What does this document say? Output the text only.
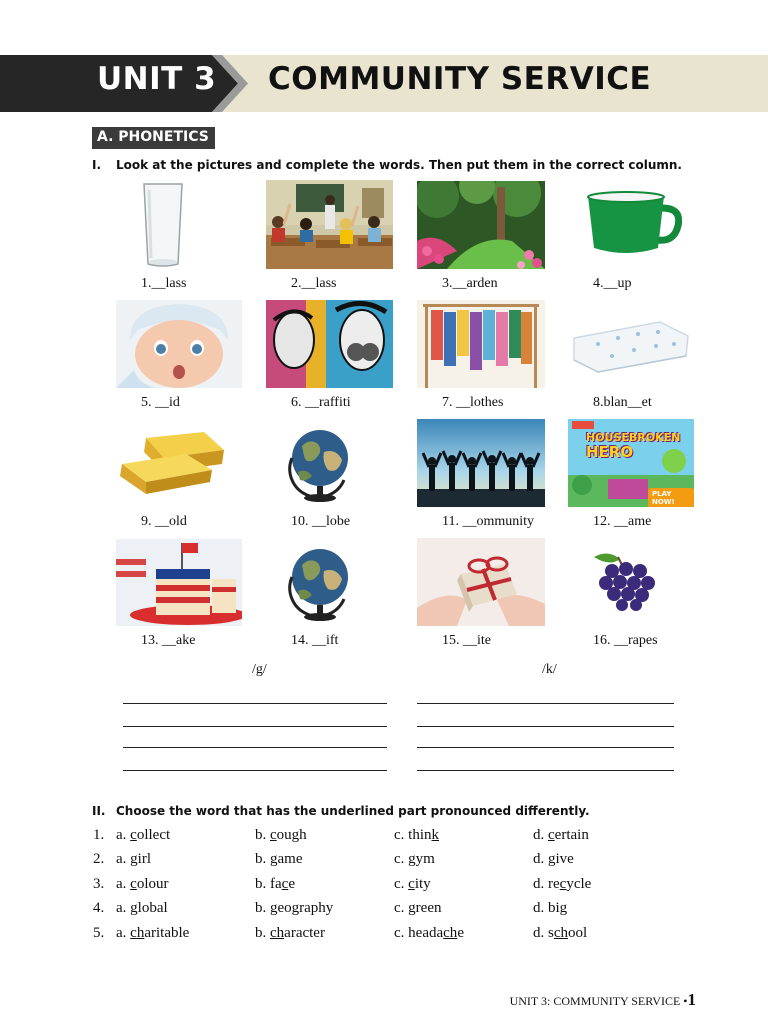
UNIT 3 COMMUNITY SERVICE
A. PHONETICS
I. Look at the pictures and complete the words. Then put them in the correct column.
1.__lass	2.__lass	3.__arden	4.__up
5. __id	6. __raffiti	7. __lothes	8.blan__et
HOUSEBROKEN
HERO
PLAY NOW!
9. __old	10. __lobe	11. __ommunity	12. __ame
13. __ake	14. __ift	15. __ite	16. __rapes
/g/	/k/
II. Choose the word that has the underlined part pronounced differently.
1. a. collect	b. cough	c. think	d. certain
2. a. girl	b. game	c. gym	d. give
3. a. colour	b. face	c. city	d. recycle
4. a. global	b. geography	c. green	d. big
5. a. charitable	b. character	c. headache	d. school
UNIT 3: COMMUNITY SERVICE •1
